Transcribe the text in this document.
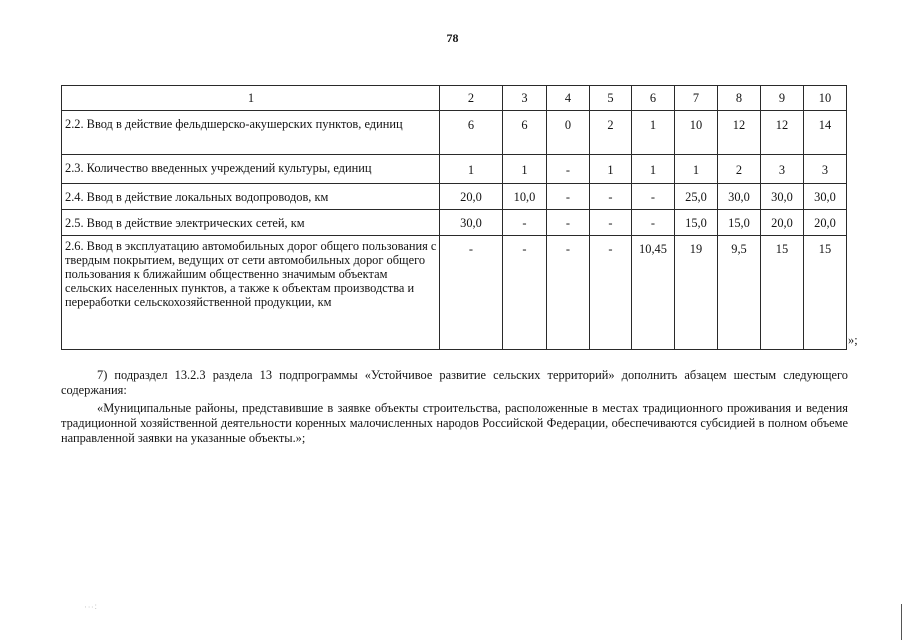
78
1	2	3	4	5	6	7	8	9	10
2.2. Ввод в действие фельдшерско-акушерских пунктов, единиц	6	6	0	2	1	10	12	12	14
2.3. Количество введенных учреждений культуры, единиц	1	1	-	1	1	1	2	3	3
2.4. Ввод в действие локальных водопроводов, км	20,0	10,0	-	-	-	25,0	30,0	30,0	30,0
2.5. Ввод в действие электрических сетей, км	30,0	-	-	-	-	15,0	15,0	20,0	20,0
2.6. Ввод в эксплуатацию автомобильных дорог общего пользования с твердым покрытием, ведущих от сети автомобильных дорог общего пользования к ближайшим общественно значимым объектам сельских населенных пунктов, а также к объектам производства и переработки сельскохозяйственной продукции, км	-	-	-	-	10,45	19	9,5	15	15
»;

7) подраздел 13.2.3 раздела 13 подпрограммы «Устойчивое развитие сельских территорий» дополнить абзацем шестым следующего содержания:

«Муниципальные районы, представившие в заявке объекты строительства, расположенные в местах традиционного проживания и ведения традиционной хозяйственной деятельности коренных малочисленных народов Российской Федерации, обеспечиваются субсидией в полном объеме направленной заявки на указанные объекты.»;

·∙∙∶
